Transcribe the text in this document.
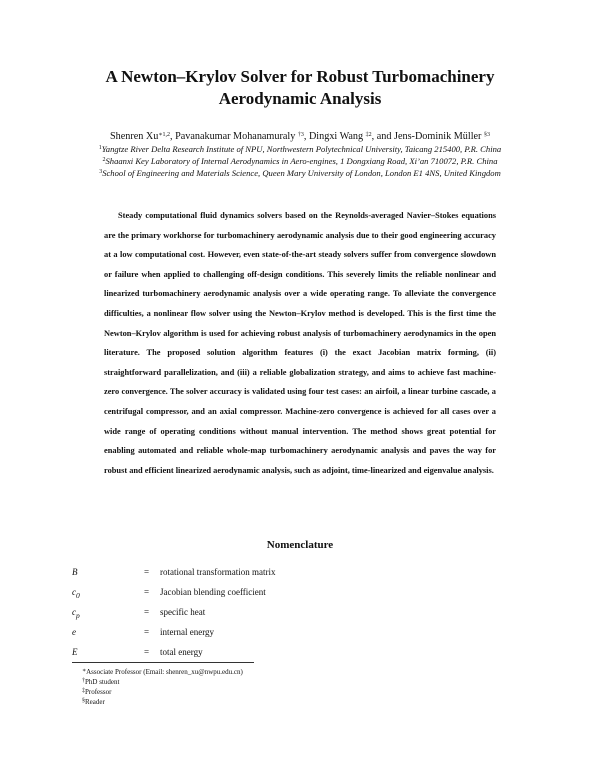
A Newton–Krylov Solver for Robust Turbomachinery
Aerodynamic Analysis
Shenren $Xu^{∗1,2}$, Pavanakumar Mohanamuraly $^{\dagger 3}$, Dingxi Wang $^{\ddagger 2}$, and Jens-Dominik Müller $^{\S 3}$
$^1$Yangtze River Delta Research Institute of NPU, Northwestern Polytechnical University, Taicang 215400, P.R. China
$^2$Shaanxi Key Laboratory of Internal Aerodynamics in Aero-engines, 1 Dongxiang Road, Xi’an 710072, P.R. China
$^3$School of Engineering and Materials Science, Queen Mary University of London, London E1 4NS, United Kingdom
Steady computational fluid dynamics solvers based on the Reynolds-averaged Navier–Stokes equations are the primary workhorse for turbomachinery aerodynamic analysis due to their good engineering accuracy at a low computational cost. However, even state-of-the-art steady solvers suffer from convergence slowdown or failure when applied to challenging off-design conditions. This severely limits the reliable nonlinear and linearized turbomachinery aerodynamic analysis over a wide operating range. To alleviate the convergence difficulties, a nonlinear flow solver using the Newton–Krylov method is developed. This is the first time the Newton–Krylov algorithm is used for achieving robust analysis of turbomachinery aerodynamics in the open literature. The proposed solution algorithm features (i) the exact Jacobian matrix forming, (ii) straightforward parallelization, and (iii) a reliable globalization strategy, and aims to achieve fast machine-zero convergence. The solver accuracy is validated using four test cases: an airfoil, a linear turbine cascade, a centrifugal compressor, and an axial compressor. Machine-zero convergence is achieved for all cases over a wide range of operating conditions without manual intervention. The method shows great potential for enabling automated and reliable whole-map turbomachinery aerodynamic analysis and paves the way for robust and efficient linearized aerodynamic analysis, such as adjoint, time-linearized and eigenvalue analysis.
Nomenclature
B	=	rotational transformation matrix
$c_0$	=	Jacobian blending coefficient
$c_p$	=	specific heat
e	=	internal energy
E	=	total energy
∗Associate Professor (Email: shenren_xu@nwpu.edu.cn)
†PhD student
‡Professor
§Reader
